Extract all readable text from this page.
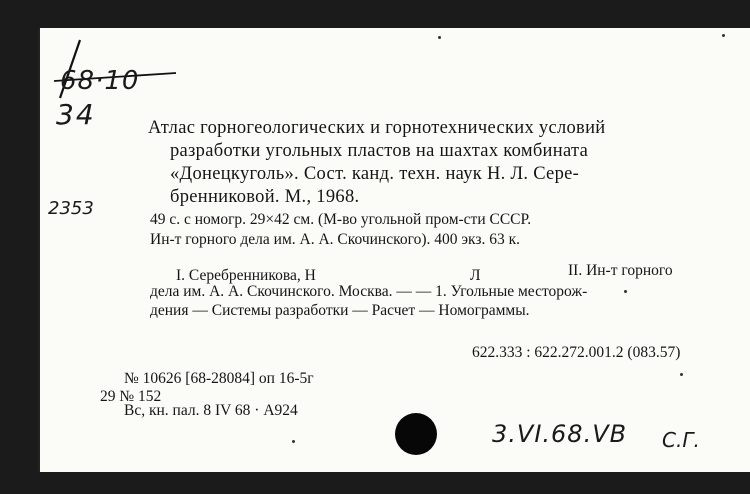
68·10
34
2353
Атлас горногеологических и горнотехнических условий
разработки угольных пластов на шахтах комбината
«Донецкуголь». Сост. канд. техн. наук Н. Л. Сере-
бренниковой. М., 1968.
49 с. с номогр. 29×42 см. (М-во угольной пром-сти СССР.
Ин-т горного дела им. А. А. Скочинского). 400 экз. 63 к.
I. Серебренникова, Н	Л	II. Ин-т горного
дела им. А. А. Скочинского. Москва. — — 1. Угольные месторож-
дения — Системы разработки — Расчет — Номограммы.
622.333 : 622.272.001.2 (083.57)
№ 10626 [68-28084] оп 16-5г
29 № 152
Вс, кн. пал. 8 IV 68 · А924
3.VI.68.VB С.Г.
